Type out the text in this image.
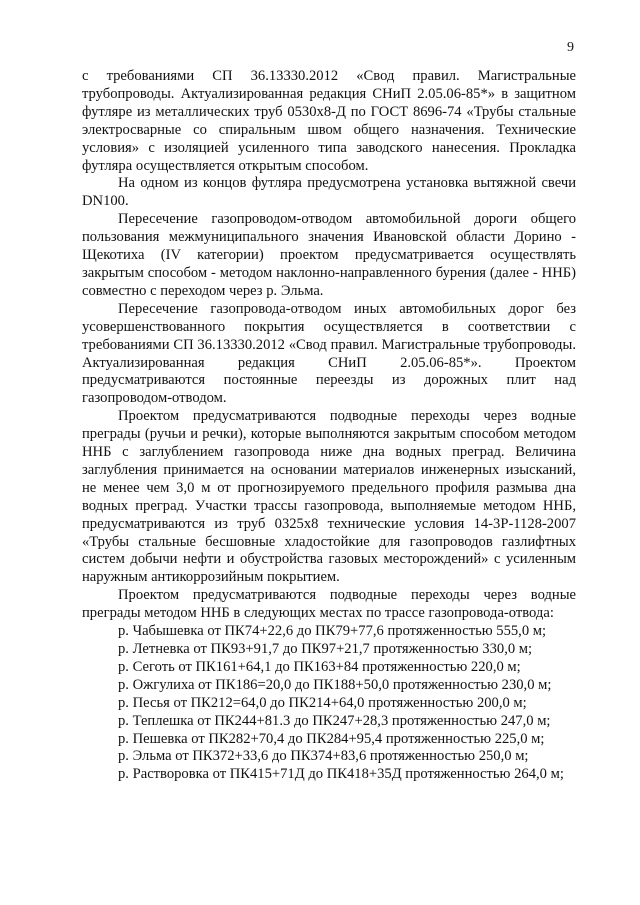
9

с требованиями СП 36.13330.2012 «Свод правил. Магистральные трубопроводы. Актуализированная редакция СНиП 2.05.06-85*» в защитном футляре из металлических труб 0530х8-Д по ГОСТ 8696-74 «Трубы стальные электросварные со спиральным швом общего назначения. Технические условия» с изоляцией усиленного типа заводского нанесения. Прокладка футляра осуществляется открытым способом.

На одном из концов футляра предусмотрена установка вытяжной свечи DN100.

Пересечение газопроводом-отводом автомобильной дороги общего пользования межмуниципального значения Ивановской области Дорино - Щекотиха (IV категории) проектом предусматривается осуществлять закрытым способом - методом наклонно-направленного бурения (далее - ННБ) совместно с переходом через р. Эльма.

Пересечение газопровода-отводом иных автомобильных дорог без усовершенствованного покрытия осуществляется в соответствии с требованиями СП 36.13330.2012 «Свод правил. Магистральные трубопроводы. Актуализированная редакция СНиП 2.05.06-85*». Проектом предусматриваются постоянные переезды из дорожных плит над газопроводом-отводом.

Проектом предусматриваются подводные переходы через водные преграды (ручьи и речки), которые выполняются закрытым способом методом ННБ с заглублением газопровода ниже дна водных преград. Величина заглубления принимается на основании материалов инженерных изысканий, не менее чем 3,0 м от прогнозируемого предельного профиля размыва дна водных преград. Участки трассы газопровода, выполняемые методом ННБ, предусматриваются из труб 0325х8 технические условия 14-3Р-1128-2007 «Трубы стальные бесшовные хладостойкие для газопроводов газлифтных систем добычи нефти и обустройства газовых месторождений» с усиленным наружным антикоррозийным покрытием.

Проектом предусматриваются подводные переходы через водные преграды методом ННБ в следующих местах по трассе газопровода-отвода:

р. Чабышевка от ПК74+22,6 до ПК79+77,6 протяженностью 555,0 м;

р. Летневка от ПК93+91,7 до ПК97+21,7 протяженностью 330,0 м;

р. Сеготь от ПК161+64,1 до ПК163+84 протяженностью 220,0 м;

р. Ожгулиха от ПК186=20,0 до ПК188+50,0 протяженностью 230,0 м;

р. Песья от ПК212=64,0 до ПК214+64,0 протяженностью 200,0 м;

р. Теплешка от ПК244+81.3 до ПК247+28,3 протяженностью 247,0 м;

р. Пешевка от ПК282+70,4 до ПК284+95,4 протяженностью 225,0 м;

р. Эльма от ПК372+33,6 до ПК374+83,6 протяженностью 250,0 м;

р. Растворовка от ПК415+71Д до ПК418+35Д протяженностью 264,0 м;
